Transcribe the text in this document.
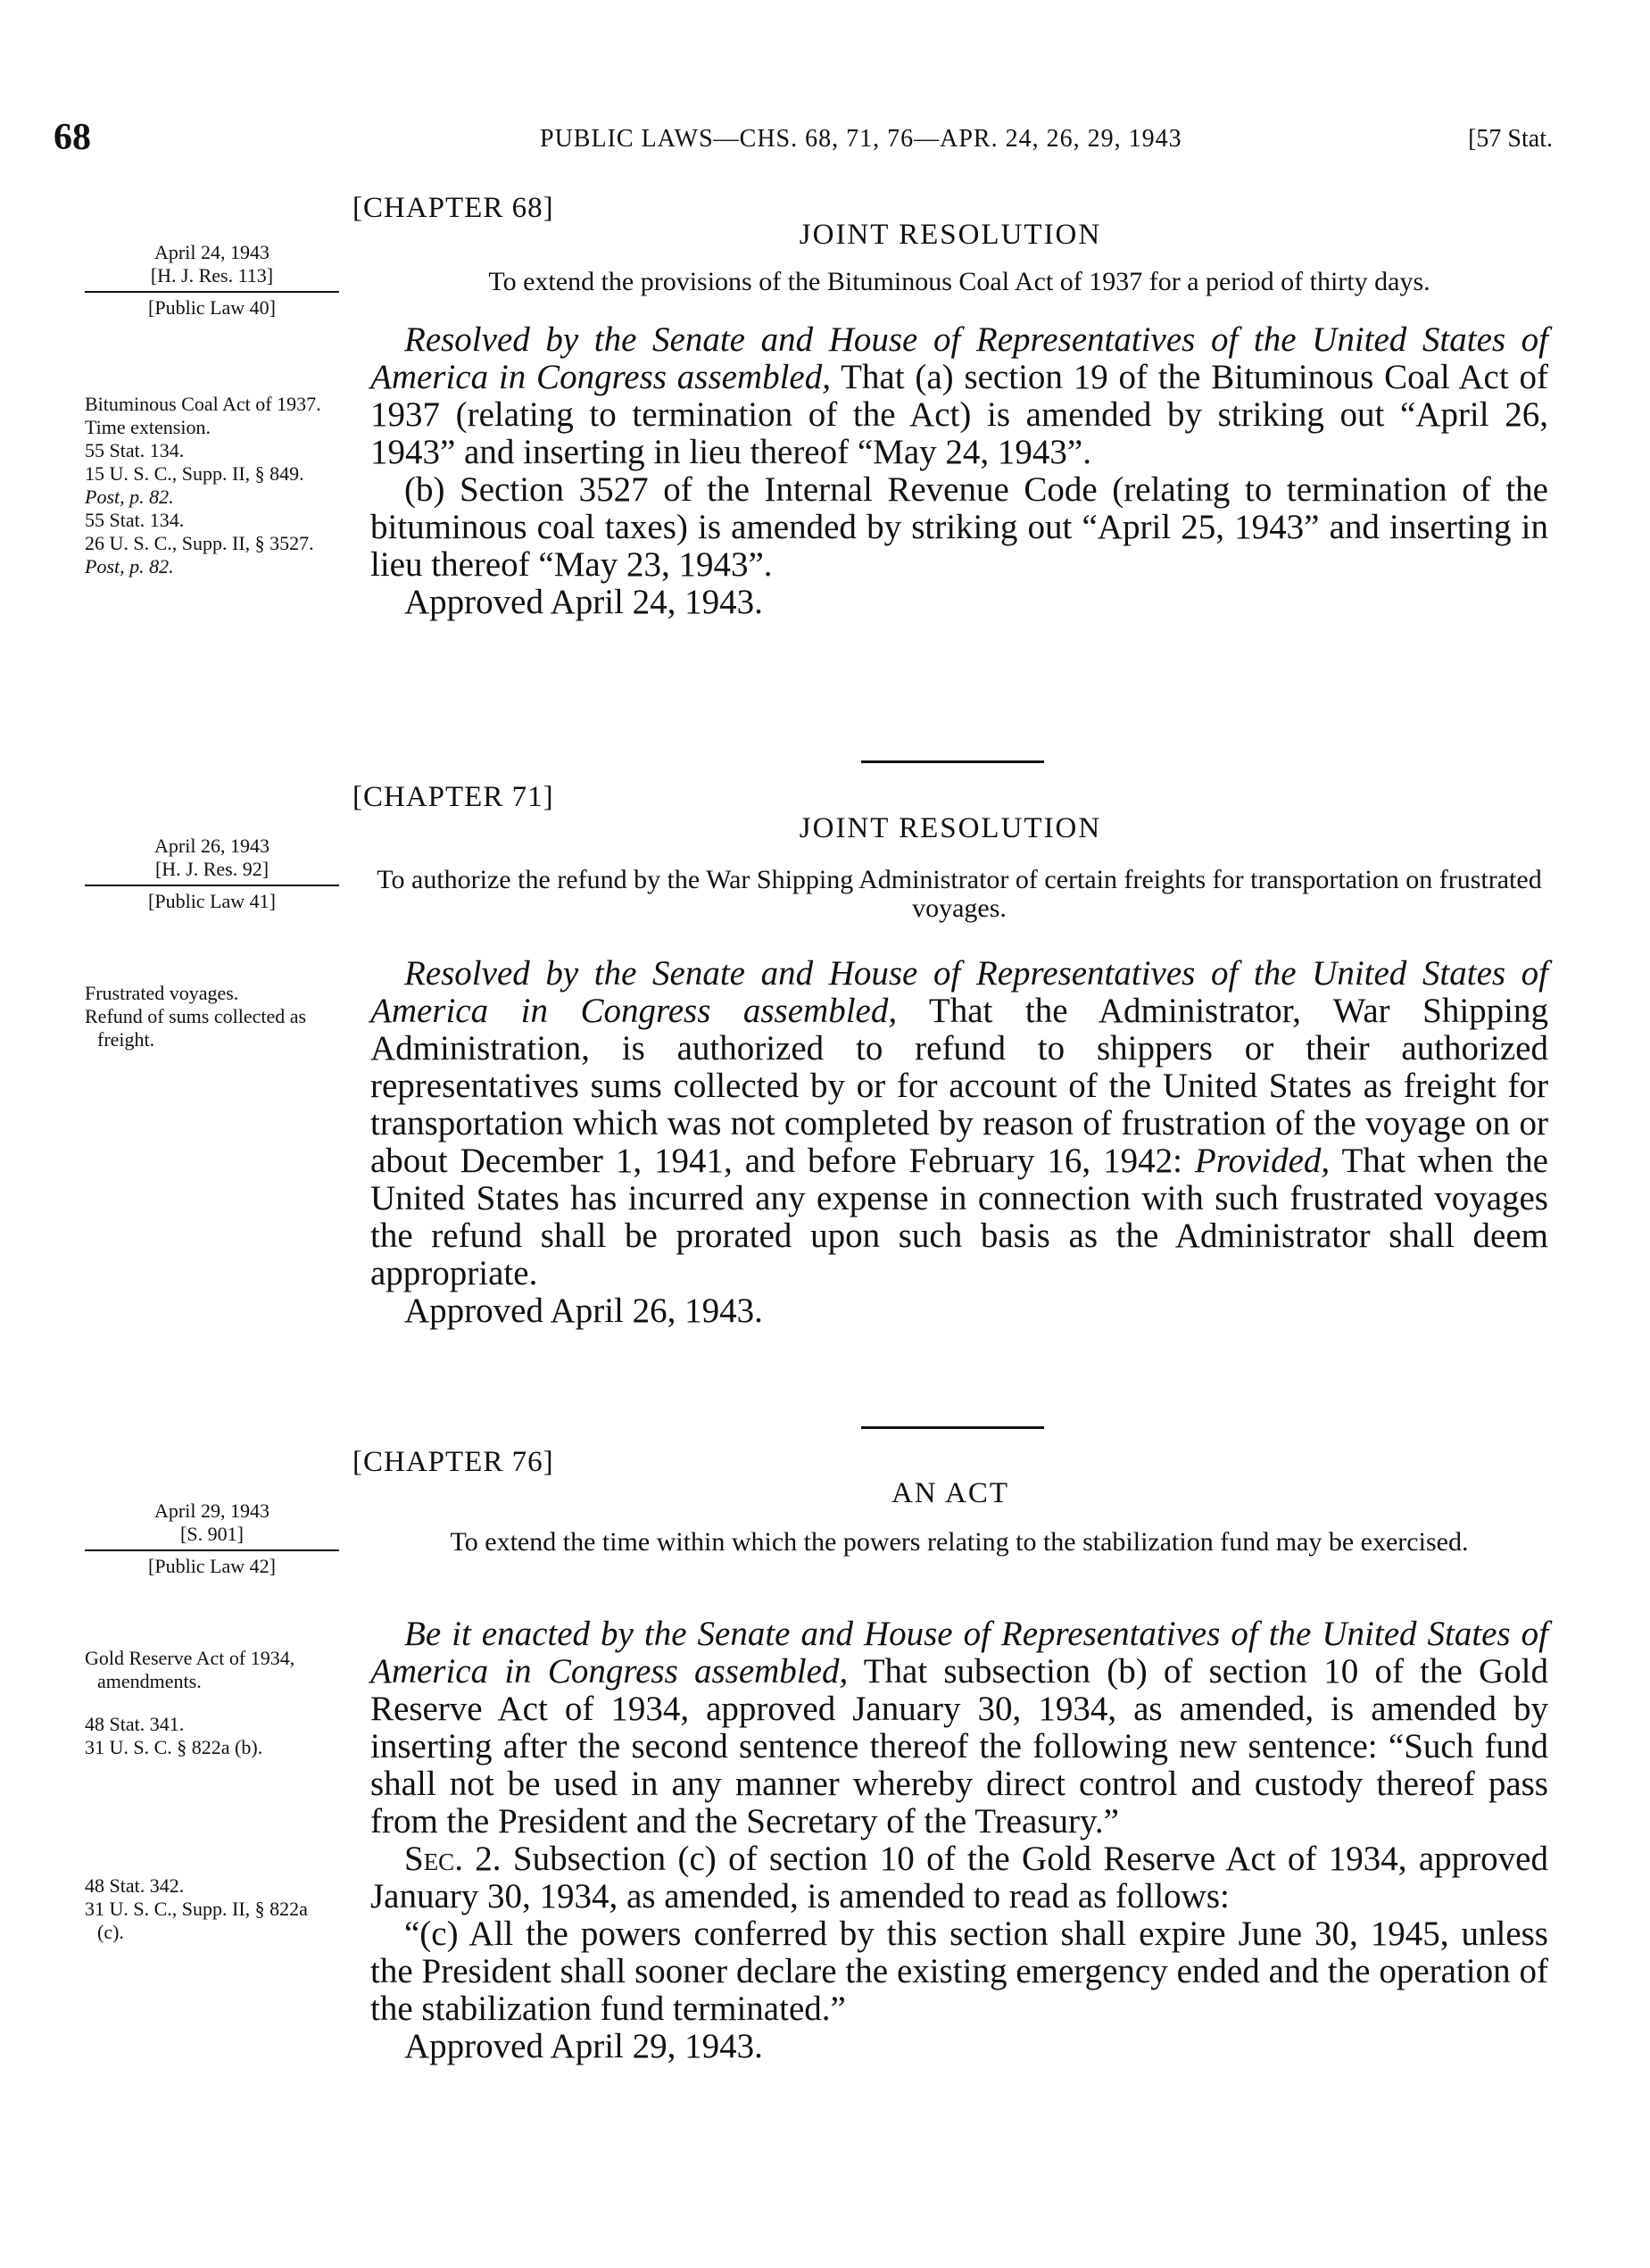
68	PUBLIC LAWS—CHS. 68, 71, 76—APR. 24, 26, 29, 1943	[57 Stat.
[CHAPTER 68]
JOINT RESOLUTION
April 24, 1943
[H. J. Res. 113]
[Public Law 40]
To extend the provisions of the Bituminous Coal Act of 1937 for a period of thirty days.
Bituminous Coal Act of 1937.
Time extension.
55 Stat. 134.
15 U. S. C., Supp. II, § 849.
Post, p. 82.
55 Stat. 134.
26 U. S. C., Supp. II, § 3527.
Post, p. 82.

Resolved by the Senate and House of Representatives of the United States of America in Congress assembled, That (a) section 19 of the Bituminous Coal Act of 1937 (relating to termination of the Act) is amended by striking out “April 26, 1943” and inserting in lieu thereof “May 24, 1943”.

(b) Section 3527 of the Internal Revenue Code (relating to termination of the bituminous coal taxes) is amended by striking out “April 25, 1943” and inserting in lieu thereof “May 23, 1943”.

Approved April 24, 1943.

[CHAPTER 71]
JOINT RESOLUTION
April 26, 1943
[H. J. Res. 92]
[Public Law 41]
To authorize the refund by the War Shipping Administrator of certain freights for transportation on frustrated voyages.
Frustrated voyages.
Refund of sums collected as freight.

Resolved by the Senate and House of Representatives of the United States of America in Congress assembled, That the Administrator, War Shipping Administration, is authorized to refund to shippers or their authorized representatives sums collected by or for account of the United States as freight for transportation which was not completed by reason of frustration of the voyage on or about December 1, 1941, and before February 16, 1942: Provided, That when the United States has incurred any expense in connection with such frustrated voyages the refund shall be prorated upon such basis as the Administrator shall deem appropriate.

Approved April 26, 1943.

[CHAPTER 76]
AN ACT
April 29, 1943
[S. 901]
[Public Law 42]
To extend the time within which the powers relating to the stabilization fund may be exercised.
Gold Reserve Act of 1934, amendments.
48 Stat. 341.
31 U. S. C. § 822a (b).
48 Stat. 342.
31 U. S. C., Supp. II, § 822a (c).

Be it enacted by the Senate and House of Representatives of the United States of America in Congress assembled, That subsection (b) of section 10 of the Gold Reserve Act of 1934, approved January 30, 1934, as amended, is amended by inserting after the second sentence thereof the following new sentence: “Such fund shall not be used in any manner whereby direct control and custody thereof pass from the President and the Secretary of the Treasury.”

Sec. 2. Subsection (c) of section 10 of the Gold Reserve Act of 1934, approved January 30, 1934, as amended, is amended to read as follows:

“(c) All the powers conferred by this section shall expire June 30, 1945, unless the President shall sooner declare the existing emergency ended and the operation of the stabilization fund terminated.”

Approved April 29, 1943.
